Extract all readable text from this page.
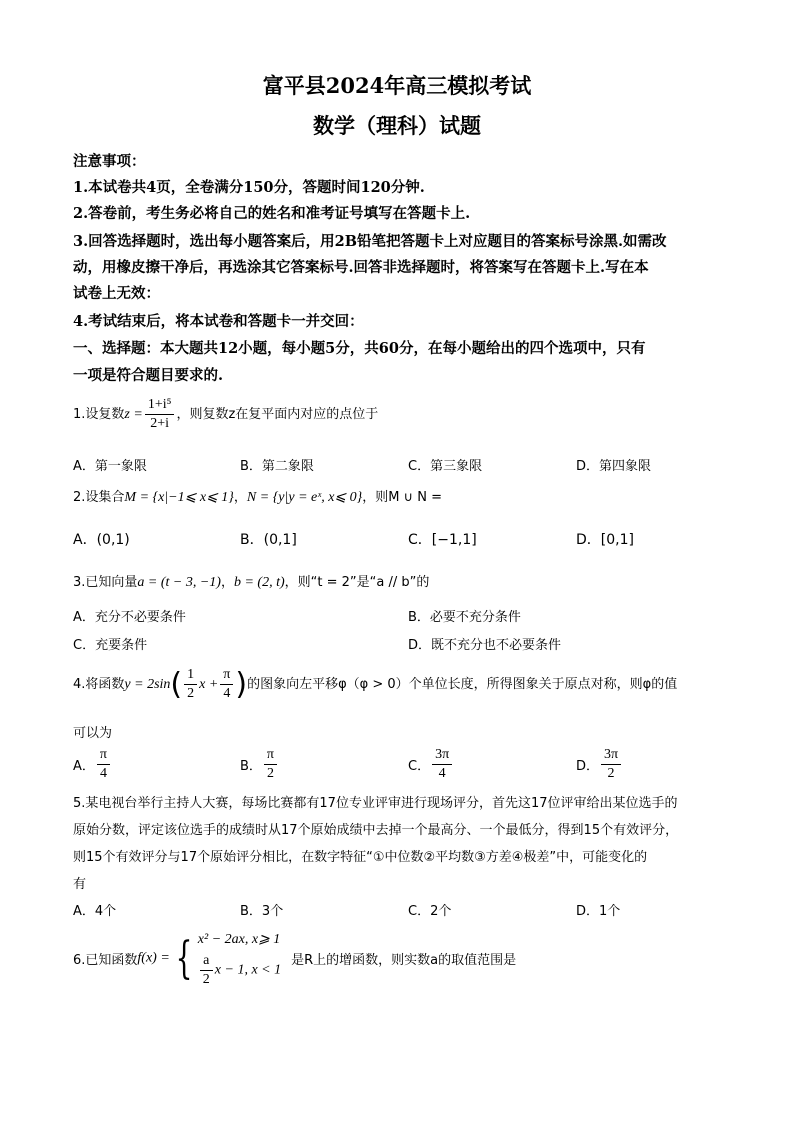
富平县2024年高三模拟考试
数学（理科）试题
注意事项：
1.本试卷共4页，全卷满分150分，答题时间120分钟.
2.答卷前，考生务必将自己的姓名和准考证号填写在答题卡上.
3.回答选择题时，选出每小题答案后，用2B铅笔把答题卡上对应题目的答案标号涂黑.如需改
动，用橡皮擦干净后，再选涂其它答案标号.回答非选择题时，将答案写在答题卡上.写在本
试卷上无效：
4.考试结束后，将本试卷和答题卡一并交回：
一、选择题：本大题共12小题，每小题5分，共60分，在每小题给出的四个选项中，只有
一项是符合题目要求的.
1.设复数$z = \frac{\text{1+i⁵}}{2+i}$ ，则复数z在复平面内对应的点位于
A．第一象限	B．第二象限	C．第三象限	D．第四象限
2.设集合M = {x|−1⩽ x⩽ 1}，N = {y|y = eˣ, x⩽ 0}，则M ∪ N =
A．(0,1)	B．(0,1]	C．[−1,1]	D．[0,1]
3.已知向量a = (t − 3, −1)，b = (2, t)，则“t = 2”是“a // b”的
A．充分不必要条件	B．必要不充分条件
C．充要条件	D．既不充分也不必要条件
4.将函数$y = 2\sin( \frac{1}{2}$ $x + \frac{\pi}{4}$ )的图象向左平移φ（φ > 0）个单位长度，所得图象关于原点对称，则φ的值
可以为
A． $\frac{\pi}{4}$	B． $\frac{\pi}{2}$	C． $\frac{3\pi}{4}$	D． $\frac{3\pi}{2}$
5.某电视台举行主持人大赛，每场比赛都有17位专业评审进行现场评分，首先这17位评审给出某位选手的
原始分数，评定该位选手的成绩时从17个原始成绩中去掉一个最高分、一个最低分，得到15个有效评分，
则15个有效评分与17个原始评分相比，在数字特征“①中位数②平均数③方差④极差”中，可能变化的
有
A．4个	B．3个	C．2个	D．1个
6.已知函数f(x) = { x² − 2ax, x⩾ 1
$\frac{a}{2}$ x − 1, x < 1
是R上的增函数，则实数a的取值范围是
